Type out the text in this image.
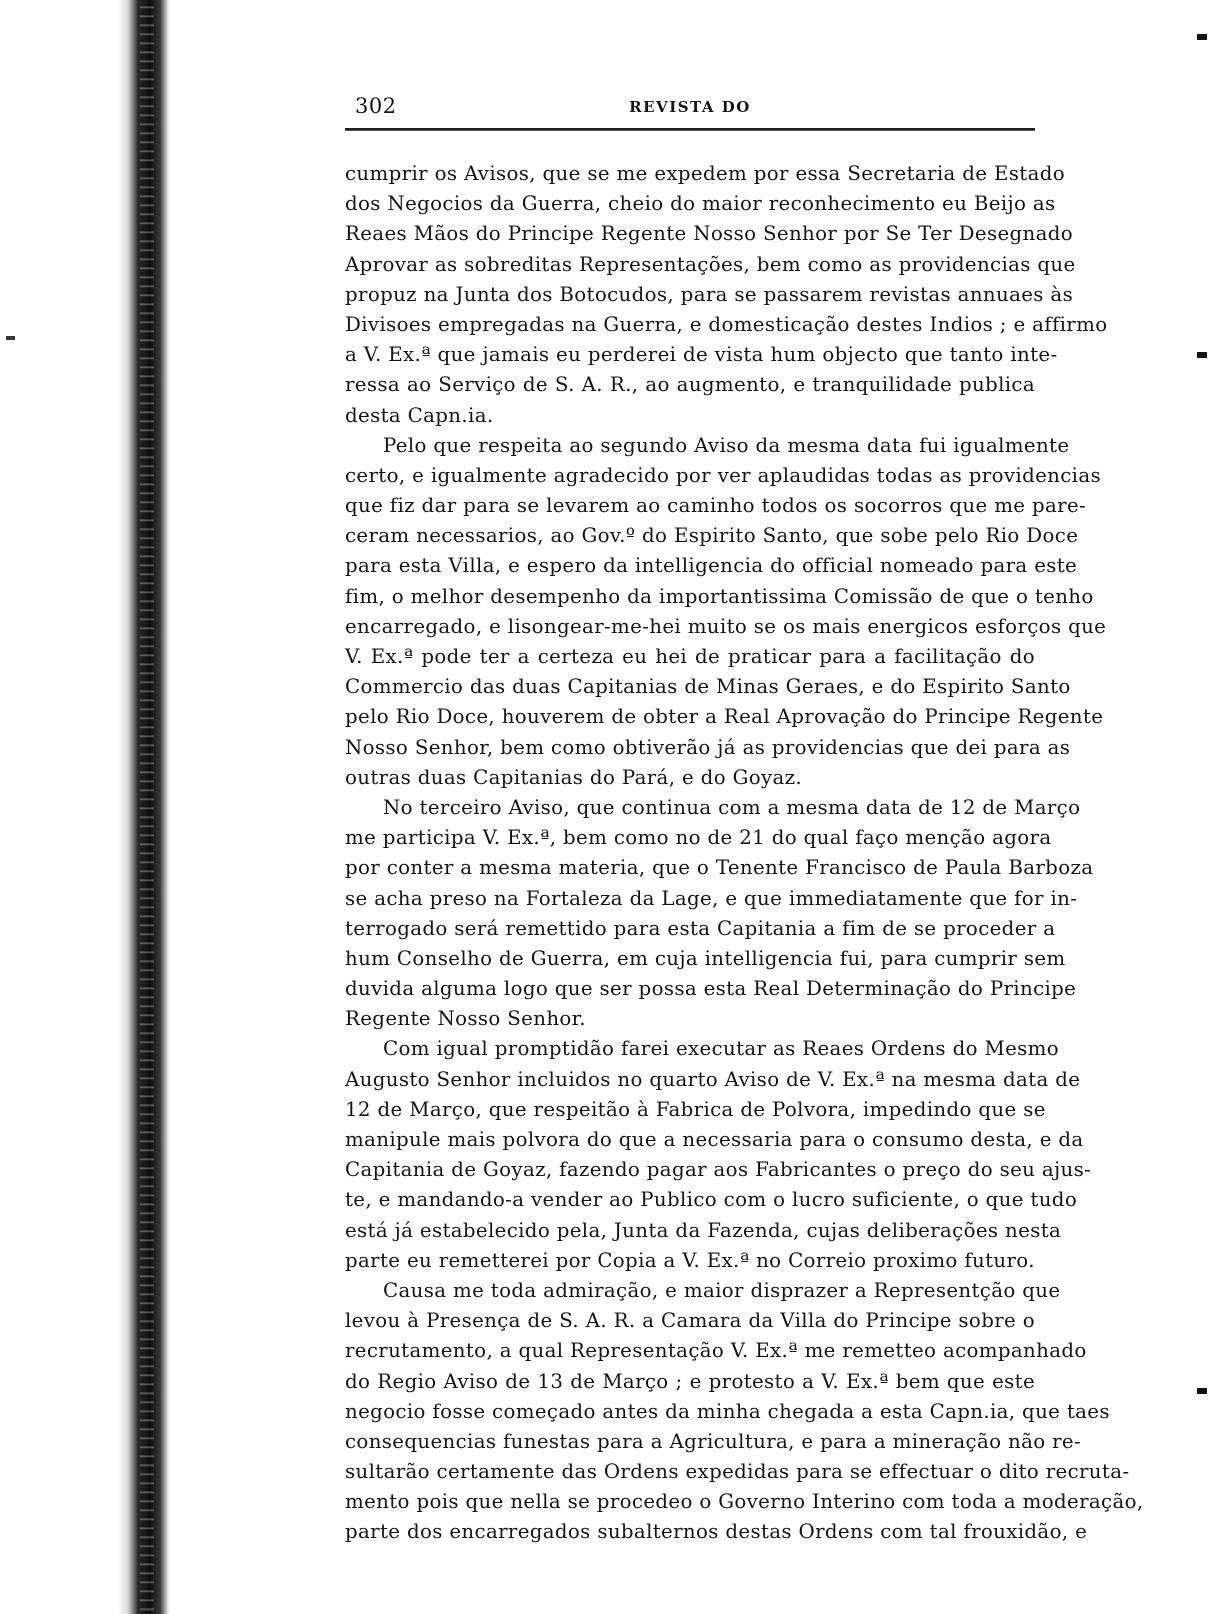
302	REVISTA DO
cumprir os Avisos, que se me expedem por essa Secretaria de Estado
dos Negocios da Guerra, cheio do maior reconhecimento eu Beijo as
Reaes Mãos do Principe Regente Nosso Senhor por Se Ter Desegnado
Aprovar as sobreditas Representações, bem como as providencias que
propuz na Junta dos Botocudos, para se passarem revistas annuaes às
Divisoes empregadas na Guerra, e domesticação destes Indios ; e affirmo
a V. Ex.ª que jamais eu perderei de vista hum objecto que tanto inte-
ressa ao Serviço de S. A. R., ao augmento, e tranquilidade publica
desta Capn.ia.
Pelo que respeita ao segundo Aviso da mesma data fui igualmente
certo, e igualmente agradecido por ver aplaudidas todas as providencias
que fiz dar para se levarem ao caminho todos os socorros que me pare-
ceram necessarios, ao Gov.º do Espirito Santo, que sobe pelo Rio Doce
para esta Villa, e espero da intelligencia do official nomeado para este
fim, o melhor desempenho da importantissima Comissão de que o tenho
encarregado, e lisongear-me-hei muito se os mais energicos esforços que
V. Ex.ª pode ter a certeza eu hei de praticar para a facilitação do
Commercio das duas Capitanias de Minas Geraes, e do Espirito Santo
pelo Rio Doce, houverem de obter a Real Aprovação do Principe Regente
Nosso Senhor, bem como obtiverão já as providencias que dei para as
outras duas Capitanias do Pará, e do Goyaz.
No terceiro Aviso, que continua com a mesma data de 12 de Março
me participa V. Ex.ª, bem como no de 21 do qual faço menção agora
por conter a mesma materia, que o Tenente Francisco de Paula Barboza
se acha preso na Fortaleza da Lage, e que immediatamente que for in-
terrogado será remettido para esta Capitania a fim de se proceder a
hum Conselho de Guerra, em cuja intelligencia fui, para cumprir sem
duvida alguma logo que ser possa esta Real Determinação do Principe
Regente Nosso Senhor.
Com igual promptidão farei executar as Reaes Ordens do Mesmo
Augusto Senhor incluidos no quarto Aviso de V. Ex.ª na mesma data de
12 de Março, que respeitão à Fabrica de Polvora, impedindo que se
manipule mais polvora do que a necessaria para o consumo desta, e da
Capitania de Goyaz, fazendo pagar aos Fabricantes o preço do seu ajus-
te, e mandando-a vender ao Publico com o lucro suficiente, o que tudo
está já estabelecido pela, Junta da Fazenda, cujas deliberações nesta
parte eu remetterei por Copia a V. Ex.ª no Correio proximo futuro.
Causa me toda admiração, e maior disprazer a Representção que
levou à Presença de S. A. R. a Camara da Villa do Principe sobre o
recrutamento, a qual Representação V. Ex.ª me remetteo acompanhado
do Regio Aviso de 13 de Março ; e protesto a V. Ex.ª bem que este
negocio fosse começado antes da minha chegada a esta Capn.ia, que taes
consequencias funestas para a Agricultura, e para a mineração não re-
sultarão certamente das Ordens expedidas para se effectuar o dito recruta-
mento pois que nella se procedeo o Governo Interino com toda a moderação,
parte dos encarregados subalternos destas Ordens com tal frouxidão, e
